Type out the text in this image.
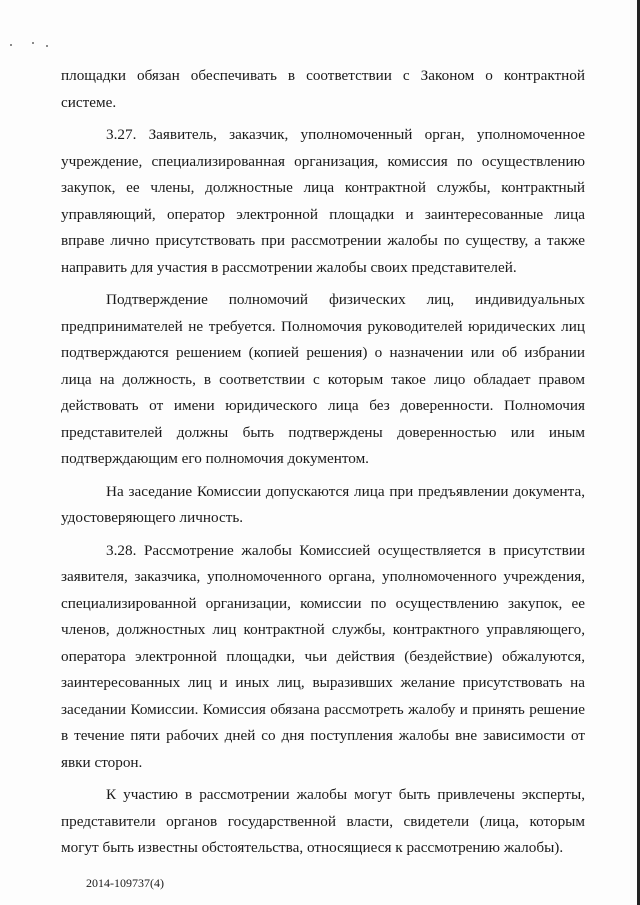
площадки обязан обеспечивать в соответствии с Законом о контрактной системе.

3.27. Заявитель, заказчик, уполномоченный орган, уполномоченное учреждение, специализированная организация, комиссия по осуществлению закупок, ее члены, должностные лица контрактной службы, контрактный управляющий, оператор электронной площадки и заинтересованные лица вправе лично присутствовать при рассмотрении жалобы по существу, а также направить для участия в рассмотрении жалобы своих представителей.

Подтверждение полномочий физических лиц, индивидуальных предпринимателей не требуется. Полномочия руководителей юридических лиц подтверждаются решением (копией решения) о назначении или об избрании лица на должность, в соответствии с которым такое лицо обладает правом действовать от имени юридического лица без доверенности. Полномочия представителей должны быть подтверждены доверенностью или иным подтверждающим его полномочия документом.

На заседание Комиссии допускаются лица при предъявлении документа, удостоверяющего личность.

3.28. Рассмотрение жалобы Комиссией осуществляется в присутствии заявителя, заказчика, уполномоченного органа, уполномоченного учреждения, специализированной организации, комиссии по осуществлению закупок, ее членов, должностных лиц контрактной службы, контрактного управляющего, оператора электронной площадки, чьи действия (бездействие) обжалуются, заинтересованных лиц и иных лиц, выразивших желание присутствовать на заседании Комиссии. Комиссия обязана рассмотреть жалобу и принять решение в течение пяти рабочих дней со дня поступления жалобы вне зависимости от явки сторон.

К участию в рассмотрении жалобы могут быть привлечены эксперты, представители органов государственной власти, свидетели (лица, которым могут быть известны обстоятельства, относящиеся к рассмотрению жалобы).

2014-109737(4)
